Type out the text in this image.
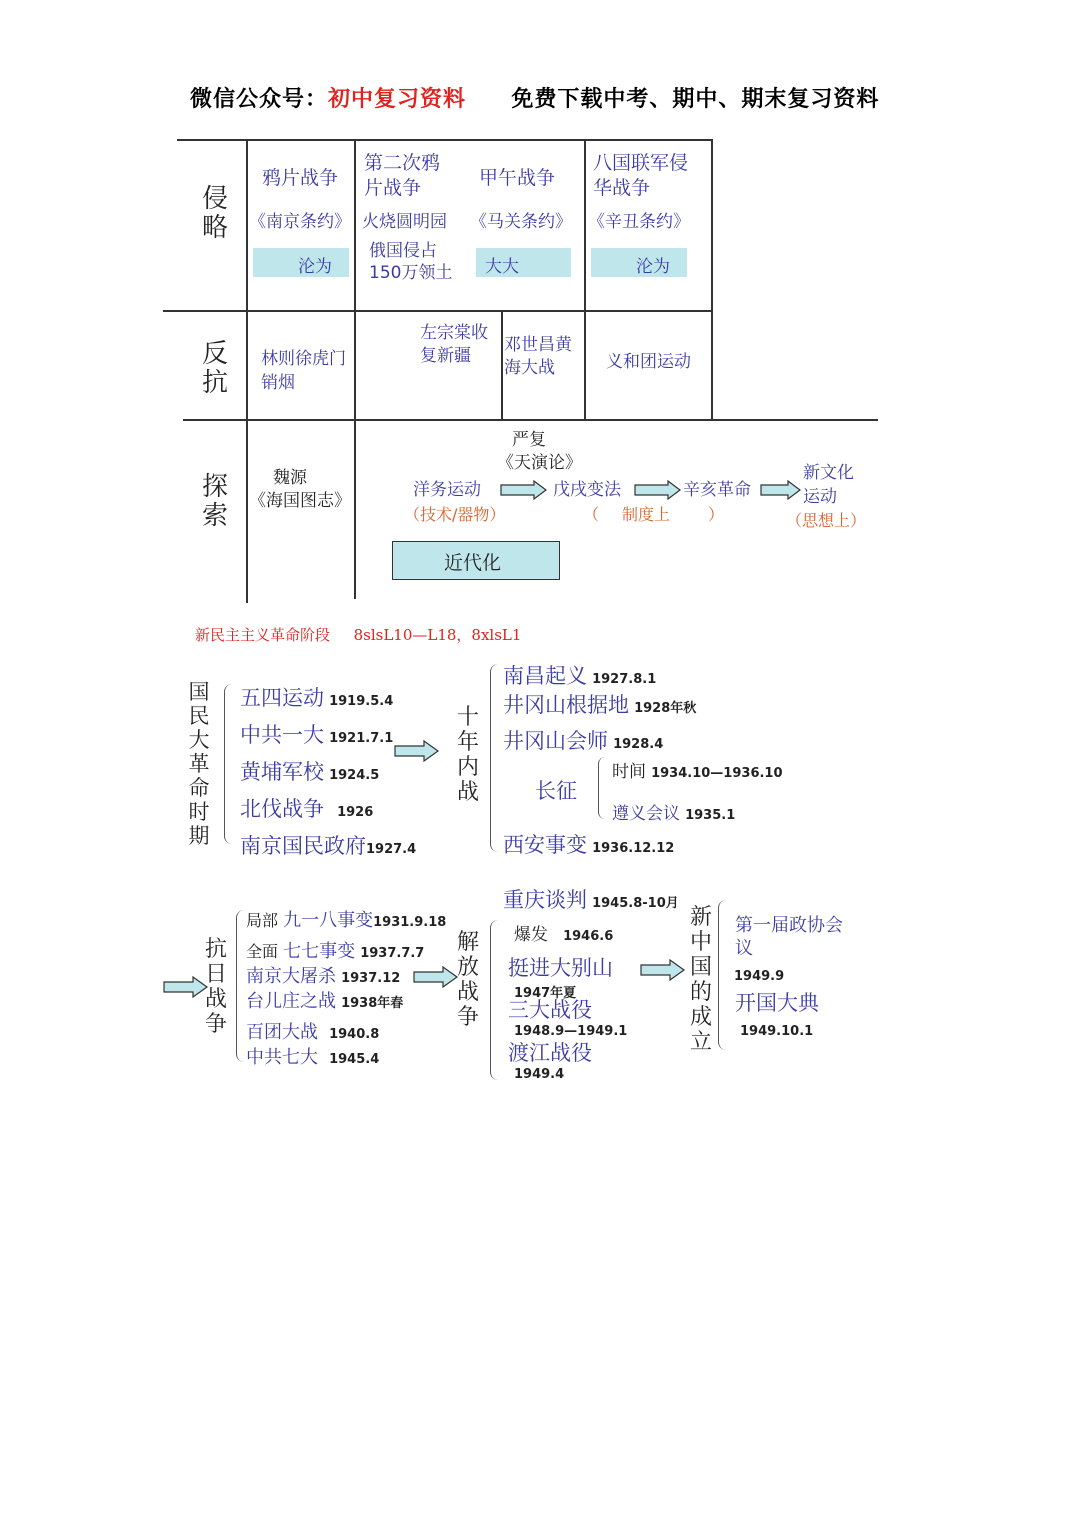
微信公众号：初中复习资料 免费下载中考、期中、期末复习资料
侵略
反抗
探索
鸦片战争
《南京条约》
沦为
第二次鸦片战争
火烧圆明园
俄国侵占150万领土
甲午战争
《马关条约》
大大
八国联军侵华战争
《辛丑条约》
沦为
林则徐虎门销烟
左宗棠收复新疆
邓世昌黄海大战	义和团运动
魏源
《海国图志》
严复
《天演论》
洋务运动
（技术/器物）
戊戌变法
（ 制度上 ）
辛亥革命
新文化运动
（思想上）
近代化
新民主主义革命阶段 8slsL10—L18，8xlsL1
国
民
大
革
命
时
期
五四运动 1919.5.4
中共一大 1921.7.1
黄埔军校 1924.5
北伐战争 1926
南京国民政府1927.4
十
年
内
战
南昌起义 1927.8.1
井冈山根据地 1928年秋
井冈山会师 1928.4
长征
时间 1934.10—1936.10
遵义会议 1935.1
西安事变 1936.12.12
抗
日
战
争
局部 九一八事变1931.9.18
全面 七七事变 1937.7.7
南京大屠杀 1937.12
台儿庄之战 1938年春
百团大战 1940.8
中共七大 1945.4
解
放
战
争
重庆谈判 1945.8-10月
爆发 1946.6
挺进大别山
1947年夏
三大战役
1948.9—1949.1
渡江战役
1949.4
新
中
国
的
成
立
第一届政协会议
1949.9
开国大典
1949.10.1
